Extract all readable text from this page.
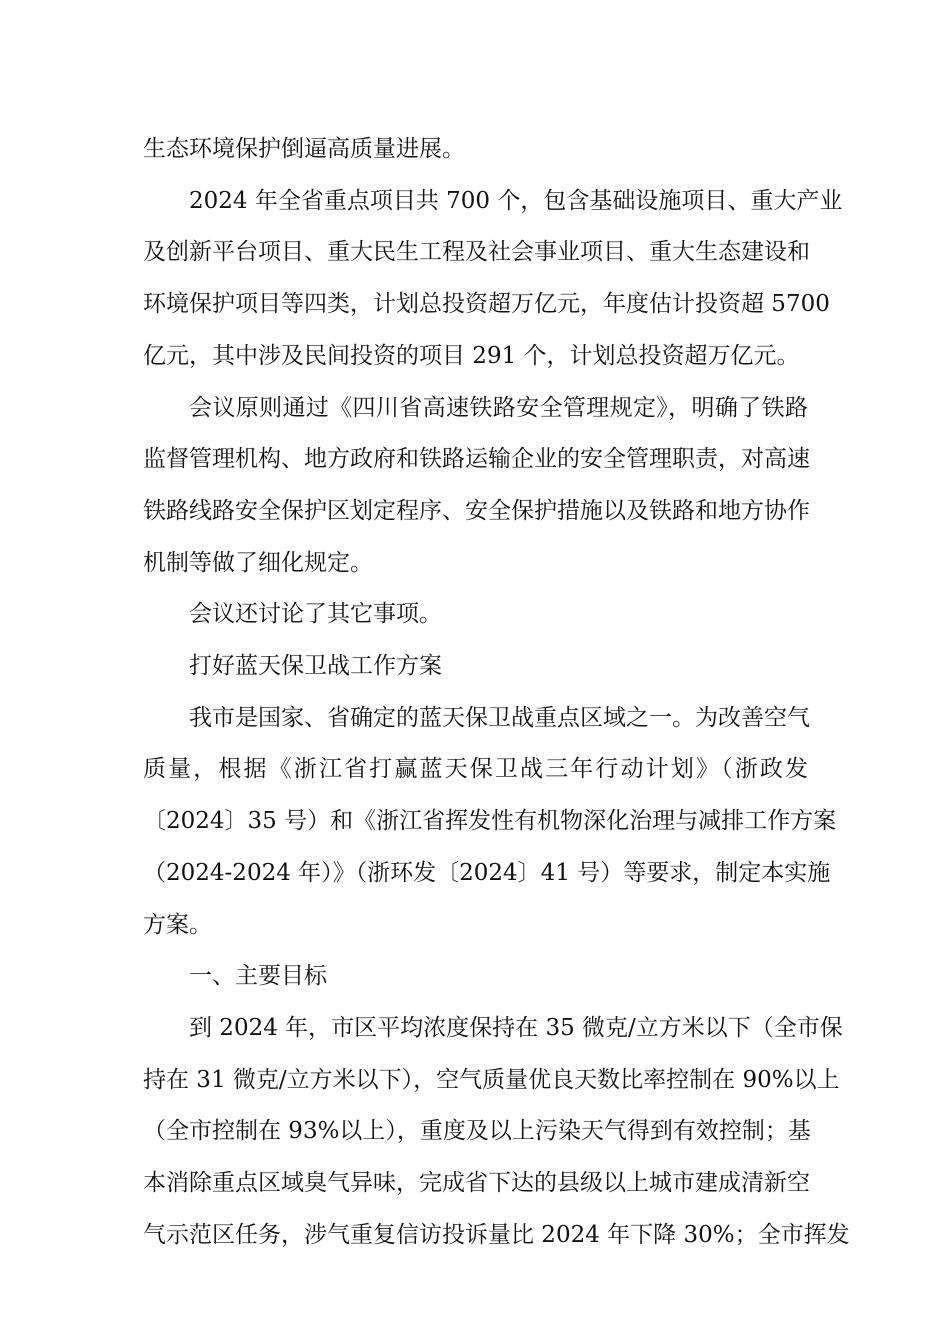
生态环境保护倒逼高质量进展。

2024 年全省重点项目共 700 个，包含基础设施项目、重大产业
及创新平台项目、重大民生工程及社会事业项目、重大生态建设和
环境保护项目等四类，计划总投资超万亿元，年度估计投资超 5700
亿元，其中涉及民间投资的项目 291 个，计划总投资超万亿元。

会议原则通过《四川省高速铁路安全管理规定》，明确了铁路
监督管理机构、地方政府和铁路运输企业的安全管理职责，对高速
铁路线路安全保护区划定程序、安全保护措施以及铁路和地方协作
机制等做了细化规定。

会议还讨论了其它事项。

打好蓝天保卫战工作方案

我市是国家、省确定的蓝天保卫战重点区域之一。为改善空气
质量，根据《浙江省打赢蓝天保卫战三年行动计划》（浙政发
〔2024〕35 号）和《浙江省挥发性有机物深化治理与减排工作方案
（2024-2024 年）》（浙环发〔2024〕41 号）等要求，制定本实施
方案。

一、主要目标

到 2024 年，市区平均浓度保持在 35 微克/立方米以下（全市保
持在 31 微克/立方米以下），空气质量优良天数比率控制在 90%以上
（全市控制在 93%以上），重度及以上污染天气得到有效控制；基
本消除重点区域臭气异味，完成省下达的县级以上城市建成清新空
气示范区任务，涉气重复信访投诉量比 2024 年下降 30%；全市挥发
